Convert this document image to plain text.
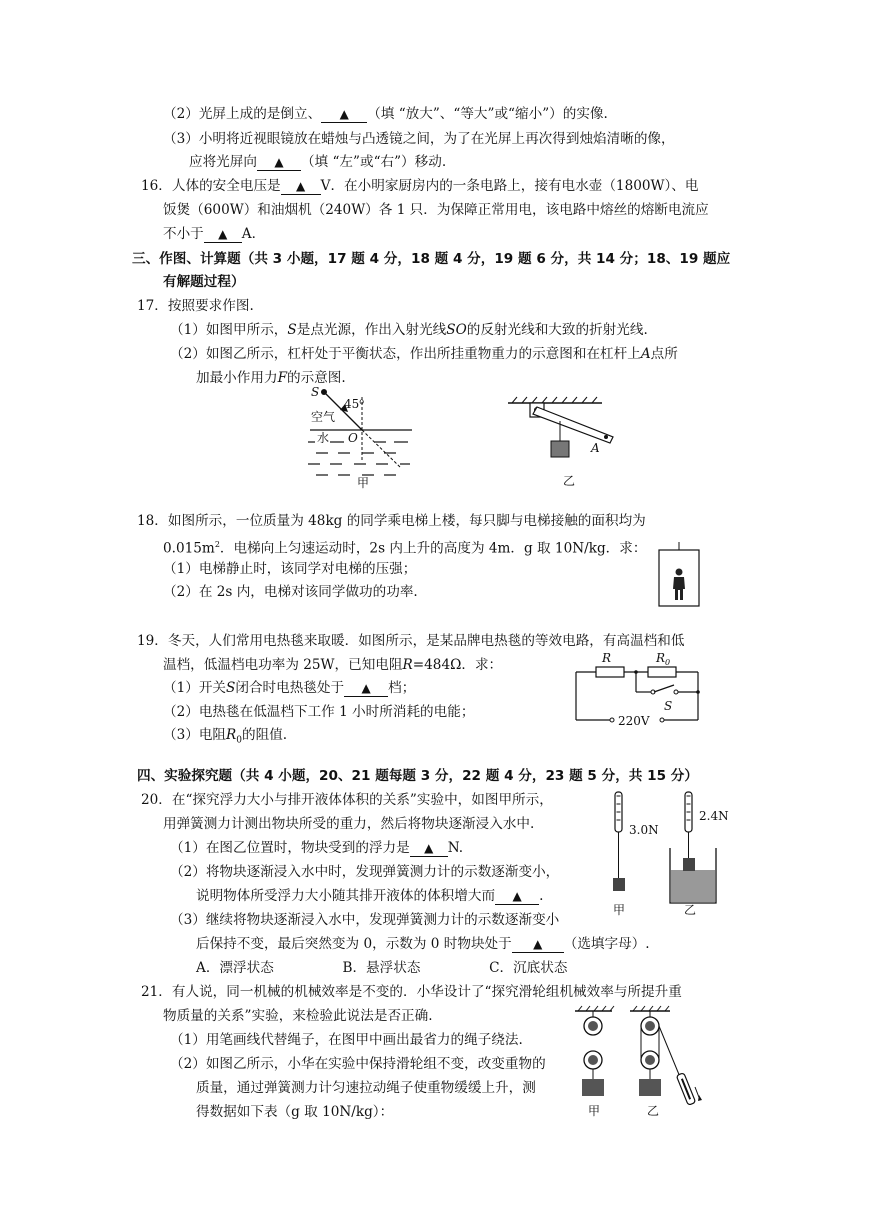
（2）光屏上成的是倒立、 ▲ （填 “放大”、“等大”或“缩小”）的实像.
（3）小明将近视眼镜放在蜡烛与凸透镜之间，为了在光屏上再次得到烛焰清晰的像，
应将光屏向 ▲ （填 “左”或“右”）移动.
16．人体的安全电压是 ▲ V．在小明家厨房内的一条电路上，接有电水壶（1800W）、电
饭煲（600W）和油烟机（240W）各 1 只．为保障正常用电，该电路中熔丝的熔断电流应
不小于 ▲ A．
三、作图、计算题（共 3 小题，17 题 4 分，18 题 4 分，19 题 6 分，共 14 分；18、19 题应
有解题过程）
17．按照要求作图.
（1）如图甲所示，S是点光源，作出入射光线SO的反射光线和大致的折射光线.
（2）如图乙所示，杠杆处于平衡状态，作出所挂重物重力的示意图和在杠杆上A点所
加最小作用力F的示意图.
S
45$^o$
空气
水 O
甲
A
乙
18．如图所示，一位质量为 48kg 的同学乘电梯上楼，每只脚与电梯接触的面积均为
$0.015m^2$．电梯向上匀速运动时，2s 内上升的高度为 4m．g 取 10N/kg．求：
（1）电梯静止时，该同学对电梯的压强；
（2）在 2s 内，电梯对该同学做功的功率.
19．冬天，人们常用电热毯来取暖．如图所示，是某品牌电热毯的等效电路，有高温档和低
温档，低温档电功率为 25W，已知电阻R=484Ω．求：
（1）开关S闭合时电热毯处于 ▲ 档；
（2）电热毯在低温档下工作 1 小时所消耗的电能；
（3）电阻$R_0$的阻值.
R	$R_0$
S
220V
四、实验探究题（共 4 小题，20、21 题每题 3 分，22 题 4 分，23 题 5 分，共 15 分）
20．在“探究浮力大小与排开液体体积的关系”实验中，如图甲所示，
用弹簧测力计测出物块所受的重力，然后将物块逐渐浸入水中.
（1）在图乙位置时，物块受到的浮力是 ▲ N.
（2）将物块逐渐浸入水中时，发现弹簧测力计的示数逐渐变小，
说明物体所受浮力大小随其排开液体的体积增大而 ▲ .
（3）继续将物块逐渐浸入水中，发现弹簧测力计的示数逐渐变小
后保持不变，最后突然变为 0，示数为 0 时物块处于 ▲ （选填字母）.
A．漂浮状态	B．悬浮状态	C．沉底状态
3.0N
甲
2.4N
乙
21．有人说，同一机械的机械效率是不变的．小华设计了“探究滑轮组机械效率与所提升重
物质量的关系”实验，来检验此说法是否正确.
（1）用笔画线代替绳子，在图甲中画出最省力的绳子绕法.
（2）如图乙所示，小华在实验中保持滑轮组不变，改变重物的
质量，通过弹簧测力计匀速拉动绳子使重物缓缓上升，测
得数据如下表（g 取 10N/kg）：	甲	乙
